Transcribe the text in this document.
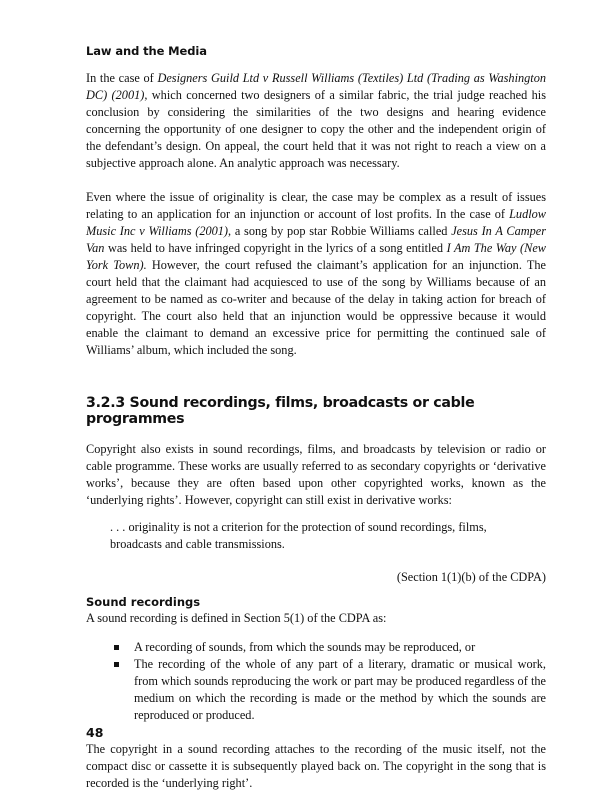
Law and the Media

In the case of Designers Guild Ltd v Russell Williams (Textiles) Ltd (Trading as Washington DC) (2001), which concerned two designers of a similar fabric, the trial judge reached his conclusion by considering the similarities of the two designs and hearing evidence concerning the opportunity of one designer to copy the other and the independent origin of the defendant’s design. On appeal, the court held that it was not right to reach a view on a subjective approach alone. An analytic approach was necessary.

Even where the issue of originality is clear, the case may be complex as a result of issues relating to an application for an injunction or account of lost profits. In the case of Ludlow Music Inc v Williams (2001), a song by pop star Robbie Williams called Jesus In A Camper Van was held to have infringed copyright in the lyrics of a song entitled I Am The Way (New York Town). However, the court refused the claimant’s application for an injunction. The court held that the claimant had acquiesced to use of the song by Williams because of an agreement to be named as co-writer and because of the delay in taking action for breach of copyright. The court also held that an injunction would be oppressive because it would enable the claimant to demand an excessive price for permitting the continued sale of Williams’ album, which included the song.

3.2.3 Sound recordings, films, broadcasts or cable programmes

Copyright also exists in sound recordings, films, and broadcasts by television or radio or cable programme. These works are usually referred to as secondary copyrights or ‘derivative works’, because they are often based upon other copyrighted works, known as the ‘underlying rights’. However, copyright can still exist in derivative works:

. . . originality is not a criterion for the protection of sound recordings, films, broadcasts and cable transmissions.

(Section 1(1)(b) of the CDPA)

Sound recordings

A sound recording is defined in Section 5(1) of the CDPA as:

A recording of sounds, from which the sounds may be reproduced, or
The recording of the whole of any part of a literary, dramatic or musical work, from which sounds reproducing the work or part may be produced regardless of the medium on which the recording is made or the method by which the sounds are reproduced or produced.

The copyright in a sound recording attaches to the recording of the music itself, not the compact disc or cassette it is subsequently played back on. The copyright in the song that is recorded is the ‘underlying right’.

48
